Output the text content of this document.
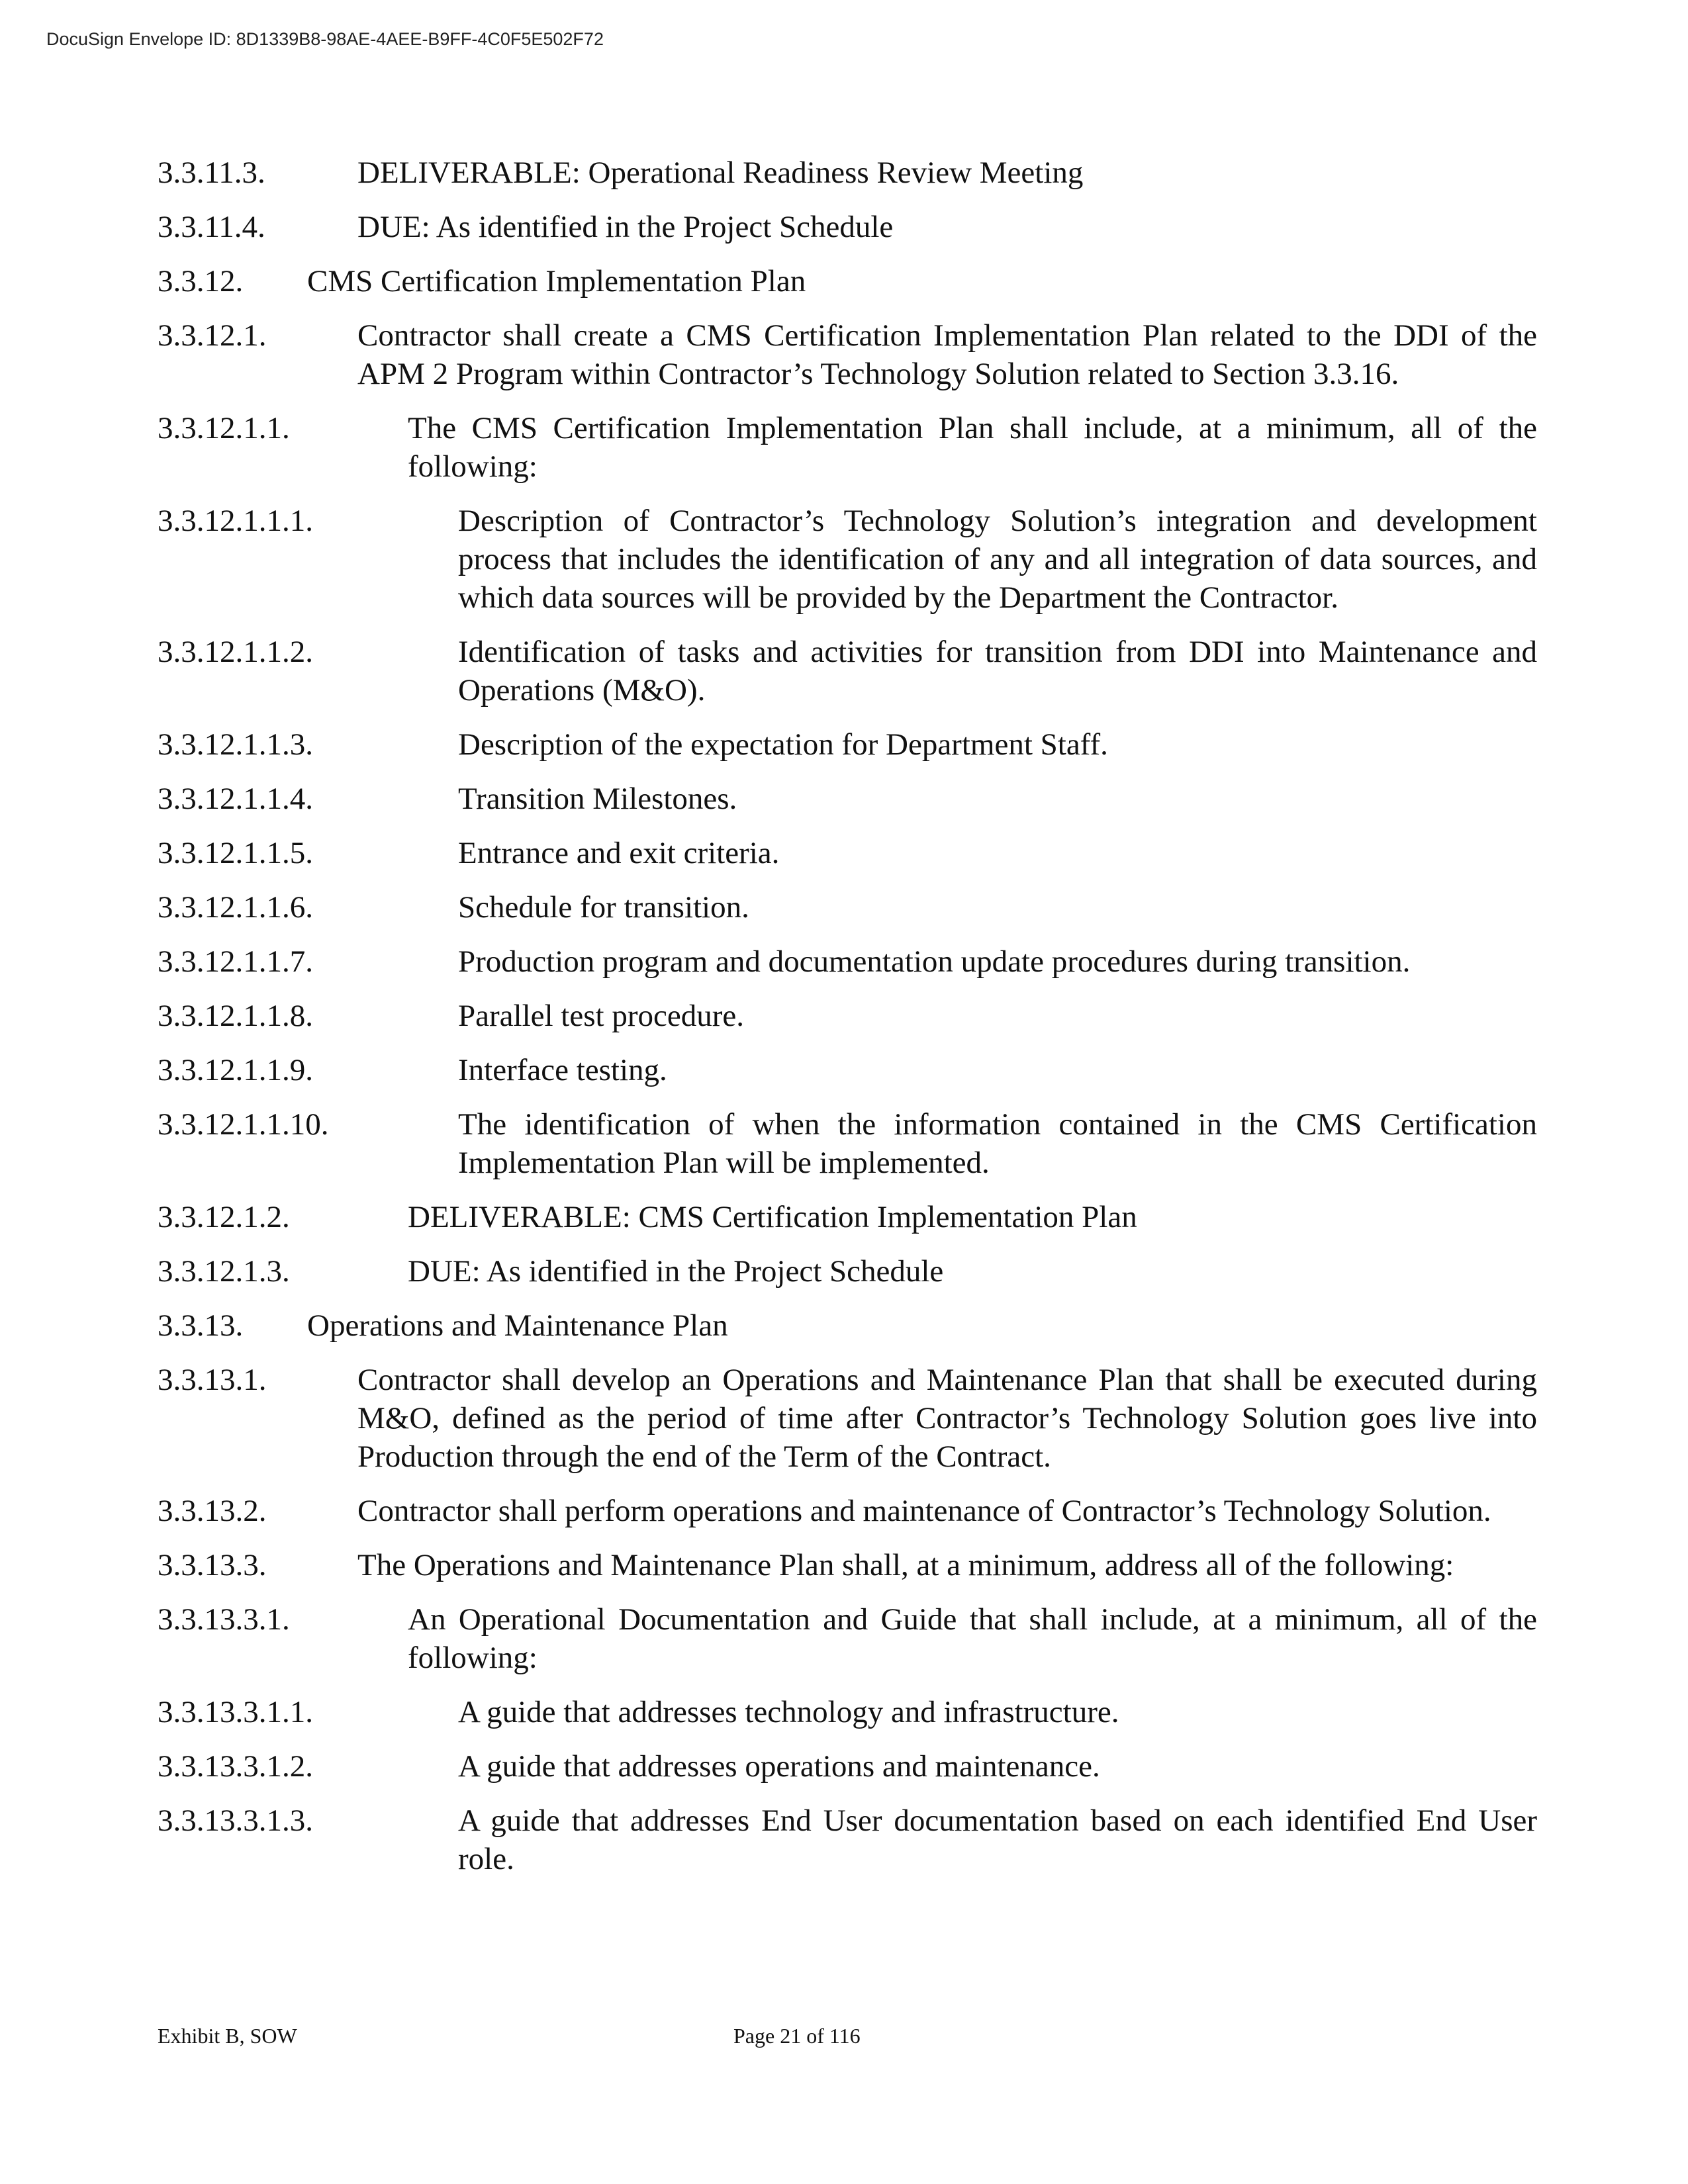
DocuSign Envelope ID: 8D1339B8-98AE-4AEE-B9FF-4C0F5E502F72
3.3.11.3.	DELIVERABLE: Operational Readiness Review Meeting
3.3.11.4.	DUE: As identified in the Project Schedule
3.3.12.	CMS Certification Implementation Plan
3.3.12.1.	Contractor shall create a CMS Certification Implementation Plan related to the DDI of the APM 2 Program within Contractor’s Technology Solution related to Section 3.3.16.
3.3.12.1.1.	The CMS Certification Implementation Plan shall include, at a minimum, all of the following:
3.3.12.1.1.1.	Description of Contractor’s Technology Solution’s integration and development process that includes the identification of any and all integration of data sources, and which data sources will be provided by the Department the Contractor.
3.3.12.1.1.2.	Identification of tasks and activities for transition from DDI into Maintenance and Operations (M&O).
3.3.12.1.1.3.	Description of the expectation for Department Staff.
3.3.12.1.1.4.	Transition Milestones.
3.3.12.1.1.5.	Entrance and exit criteria.
3.3.12.1.1.6.	Schedule for transition.
3.3.12.1.1.7.	Production program and documentation update procedures during transition.
3.3.12.1.1.8.	Parallel test procedure.
3.3.12.1.1.9.	Interface testing.
3.3.12.1.1.10.	The identification of when the information contained in the CMS Certification Implementation Plan will be implemented.
3.3.12.1.2.	DELIVERABLE: CMS Certification Implementation Plan
3.3.12.1.3.	DUE: As identified in the Project Schedule
3.3.13.	Operations and Maintenance Plan
3.3.13.1.	Contractor shall develop an Operations and Maintenance Plan that shall be executed during M&O, defined as the period of time after Contractor’s Technology Solution goes live into Production through the end of the Term of the Contract.
3.3.13.2.	Contractor shall perform operations and maintenance of Contractor’s Technology Solution.
3.3.13.3.	The Operations and Maintenance Plan shall, at a minimum, address all of the following:
3.3.13.3.1.	An Operational Documentation and Guide that shall include, at a minimum, all of the following:
3.3.13.3.1.1.	A guide that addresses technology and infrastructure.
3.3.13.3.1.2.	A guide that addresses operations and maintenance.
3.3.13.3.1.3.	A guide that addresses End User documentation based on each identified End User role.
Exhibit B, SOW	Page 21 of 116
